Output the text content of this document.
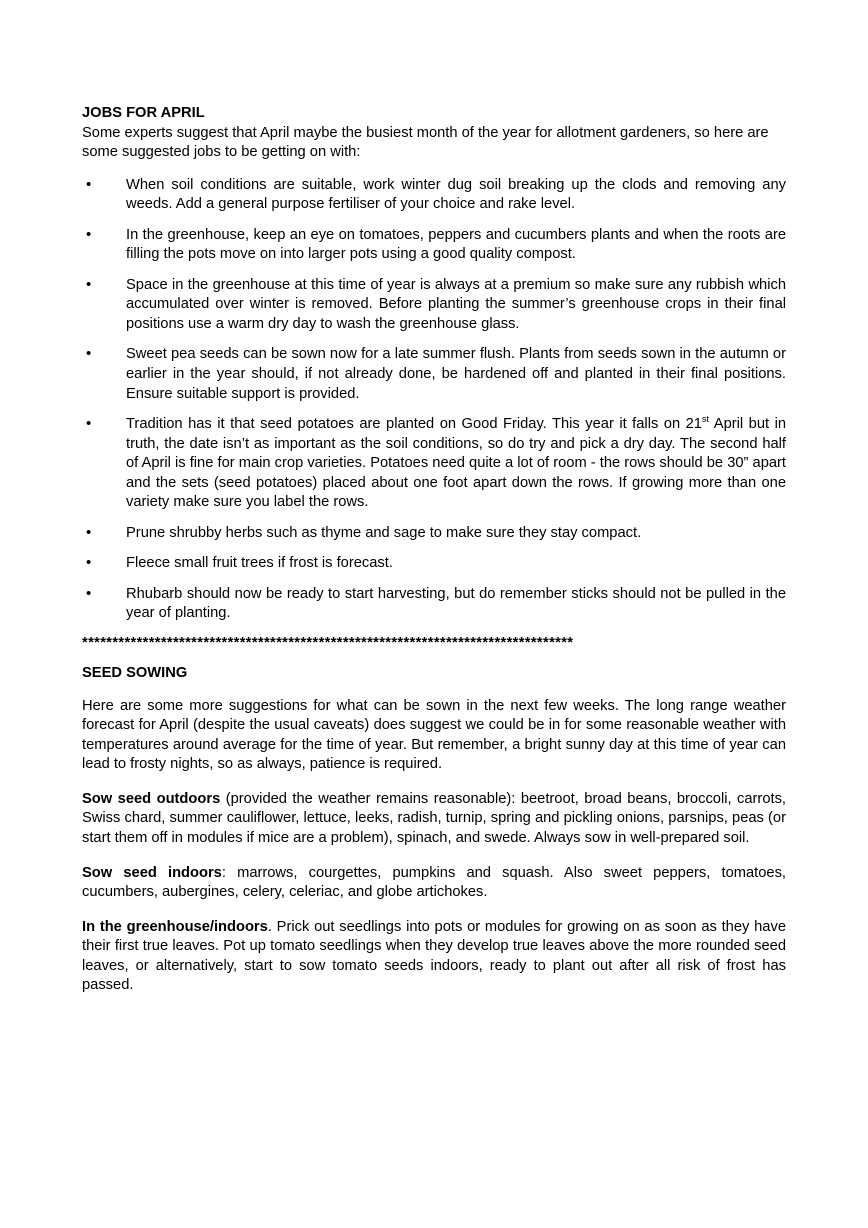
JOBS FOR APRIL

Some experts suggest that April maybe the busiest month of the year for allotment gardeners, so here are some suggested jobs to be getting on with:

• When soil conditions are suitable, work winter dug soil breaking up the clods and removing any weeds. Add a general purpose fertiliser of your choice and rake level.
• In the greenhouse, keep an eye on tomatoes, peppers and cucumbers plants and when the roots are filling the pots move on into larger pots using a good quality compost.
• Space in the greenhouse at this time of year is always at a premium so make sure any rubbish which accumulated over winter is removed. Before planting the summer’s greenhouse crops in their final positions use a warm dry day to wash the greenhouse glass.
• Sweet pea seeds can be sown now for a late summer flush. Plants from seeds sown in the autumn or earlier in the year should, if not already done, be hardened off and planted in their final positions. Ensure suitable support is provided.
• Tradition has it that seed potatoes are planted on Good Friday. This year it falls on 21st April but in truth, the date isn’t as important as the soil conditions, so do try and pick a dry day. The second half of April is fine for main crop varieties. Potatoes need quite a lot of room - the rows should be 30” apart and the sets (seed potatoes) placed about one foot apart down the rows. If growing more than one variety make sure you label the rows.
• Prune shrubby herbs such as thyme and sage to make sure they stay compact.
• Fleece small fruit trees if frost is forecast.
• Rhubarb should now be ready to start harvesting, but do remember sticks should not be pulled in the year of planting.
*********************************************************************************
SEED SOWING

Here are some more suggestions for what can be sown in the next few weeks. The long range weather forecast for April (despite the usual caveats) does suggest we could be in for some reasonable weather with temperatures around average for the time of year. But remember, a bright sunny day at this time of year can lead to frosty nights, so as always, patience is required.

Sow seed outdoors (provided the weather remains reasonable): beetroot, broad beans, broccoli, carrots, Swiss chard, summer cauliflower, lettuce, leeks, radish, turnip, spring and pickling onions, parsnips, peas (or start them off in modules if mice are a problem), spinach, and swede. Always sow in well-prepared soil.

Sow seed indoors: marrows, courgettes, pumpkins and squash. Also sweet peppers, tomatoes, cucumbers, aubergines, celery, celeriac, and globe artichokes.

In the greenhouse/indoors. Prick out seedlings into pots or modules for growing on as soon as they have their first true leaves. Pot up tomato seedlings when they develop true leaves above the more rounded seed leaves, or alternatively, start to sow tomato seeds indoors, ready to plant out after all risk of frost has passed.
